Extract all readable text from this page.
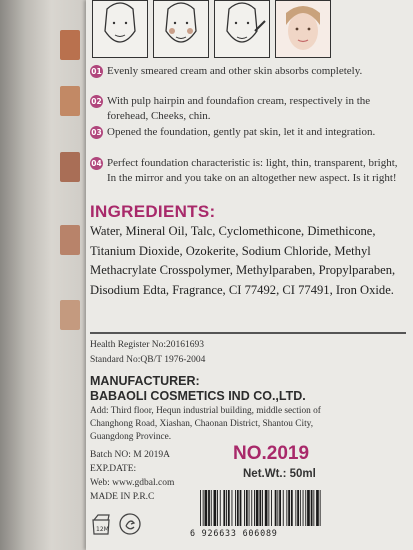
01 Evenly smeared cream and other skin absorbs completely.
02 With pulp hairpin and foundafion cream, respectively in the forehead, Cheeks, chin.
03 Opened the foundation, gently pat skin, let it and integration.
04 Perfect foundation characteristic is: light, thin, transparent, bright, In the mirror and you take on an altogether new aspect. Is it right!
INGREDIENTS:
Water, Mineral Oil, Talc, Cyclomethicone, Dimethicone, Titanium Dioxide, Ozokerite, Sodium Chloride, Methyl Methacrylate Crosspolymer, Methylparaben, Propylparaben, Disodium Edta, Fragrance, CI 77492, CI 77491, Iron Oxide.
Health Register No:20161693
Standard No:QB/T 1976-2004
MANUFACTURER:
BABAOLI COSMETICS IND CO.,LTD.
Add: Third floor, Hequn industrial building, middle section of Changhong Road, Xiashan, Chaonan District, Shantou City, Guangdong Province.
Batch NO: M 2019A
EXP.DATE:
Web: www.gdbal.com
MADE IN P.R.C
NO.2019
Net.Wt.: 50ml
12M	6 926633 606089
